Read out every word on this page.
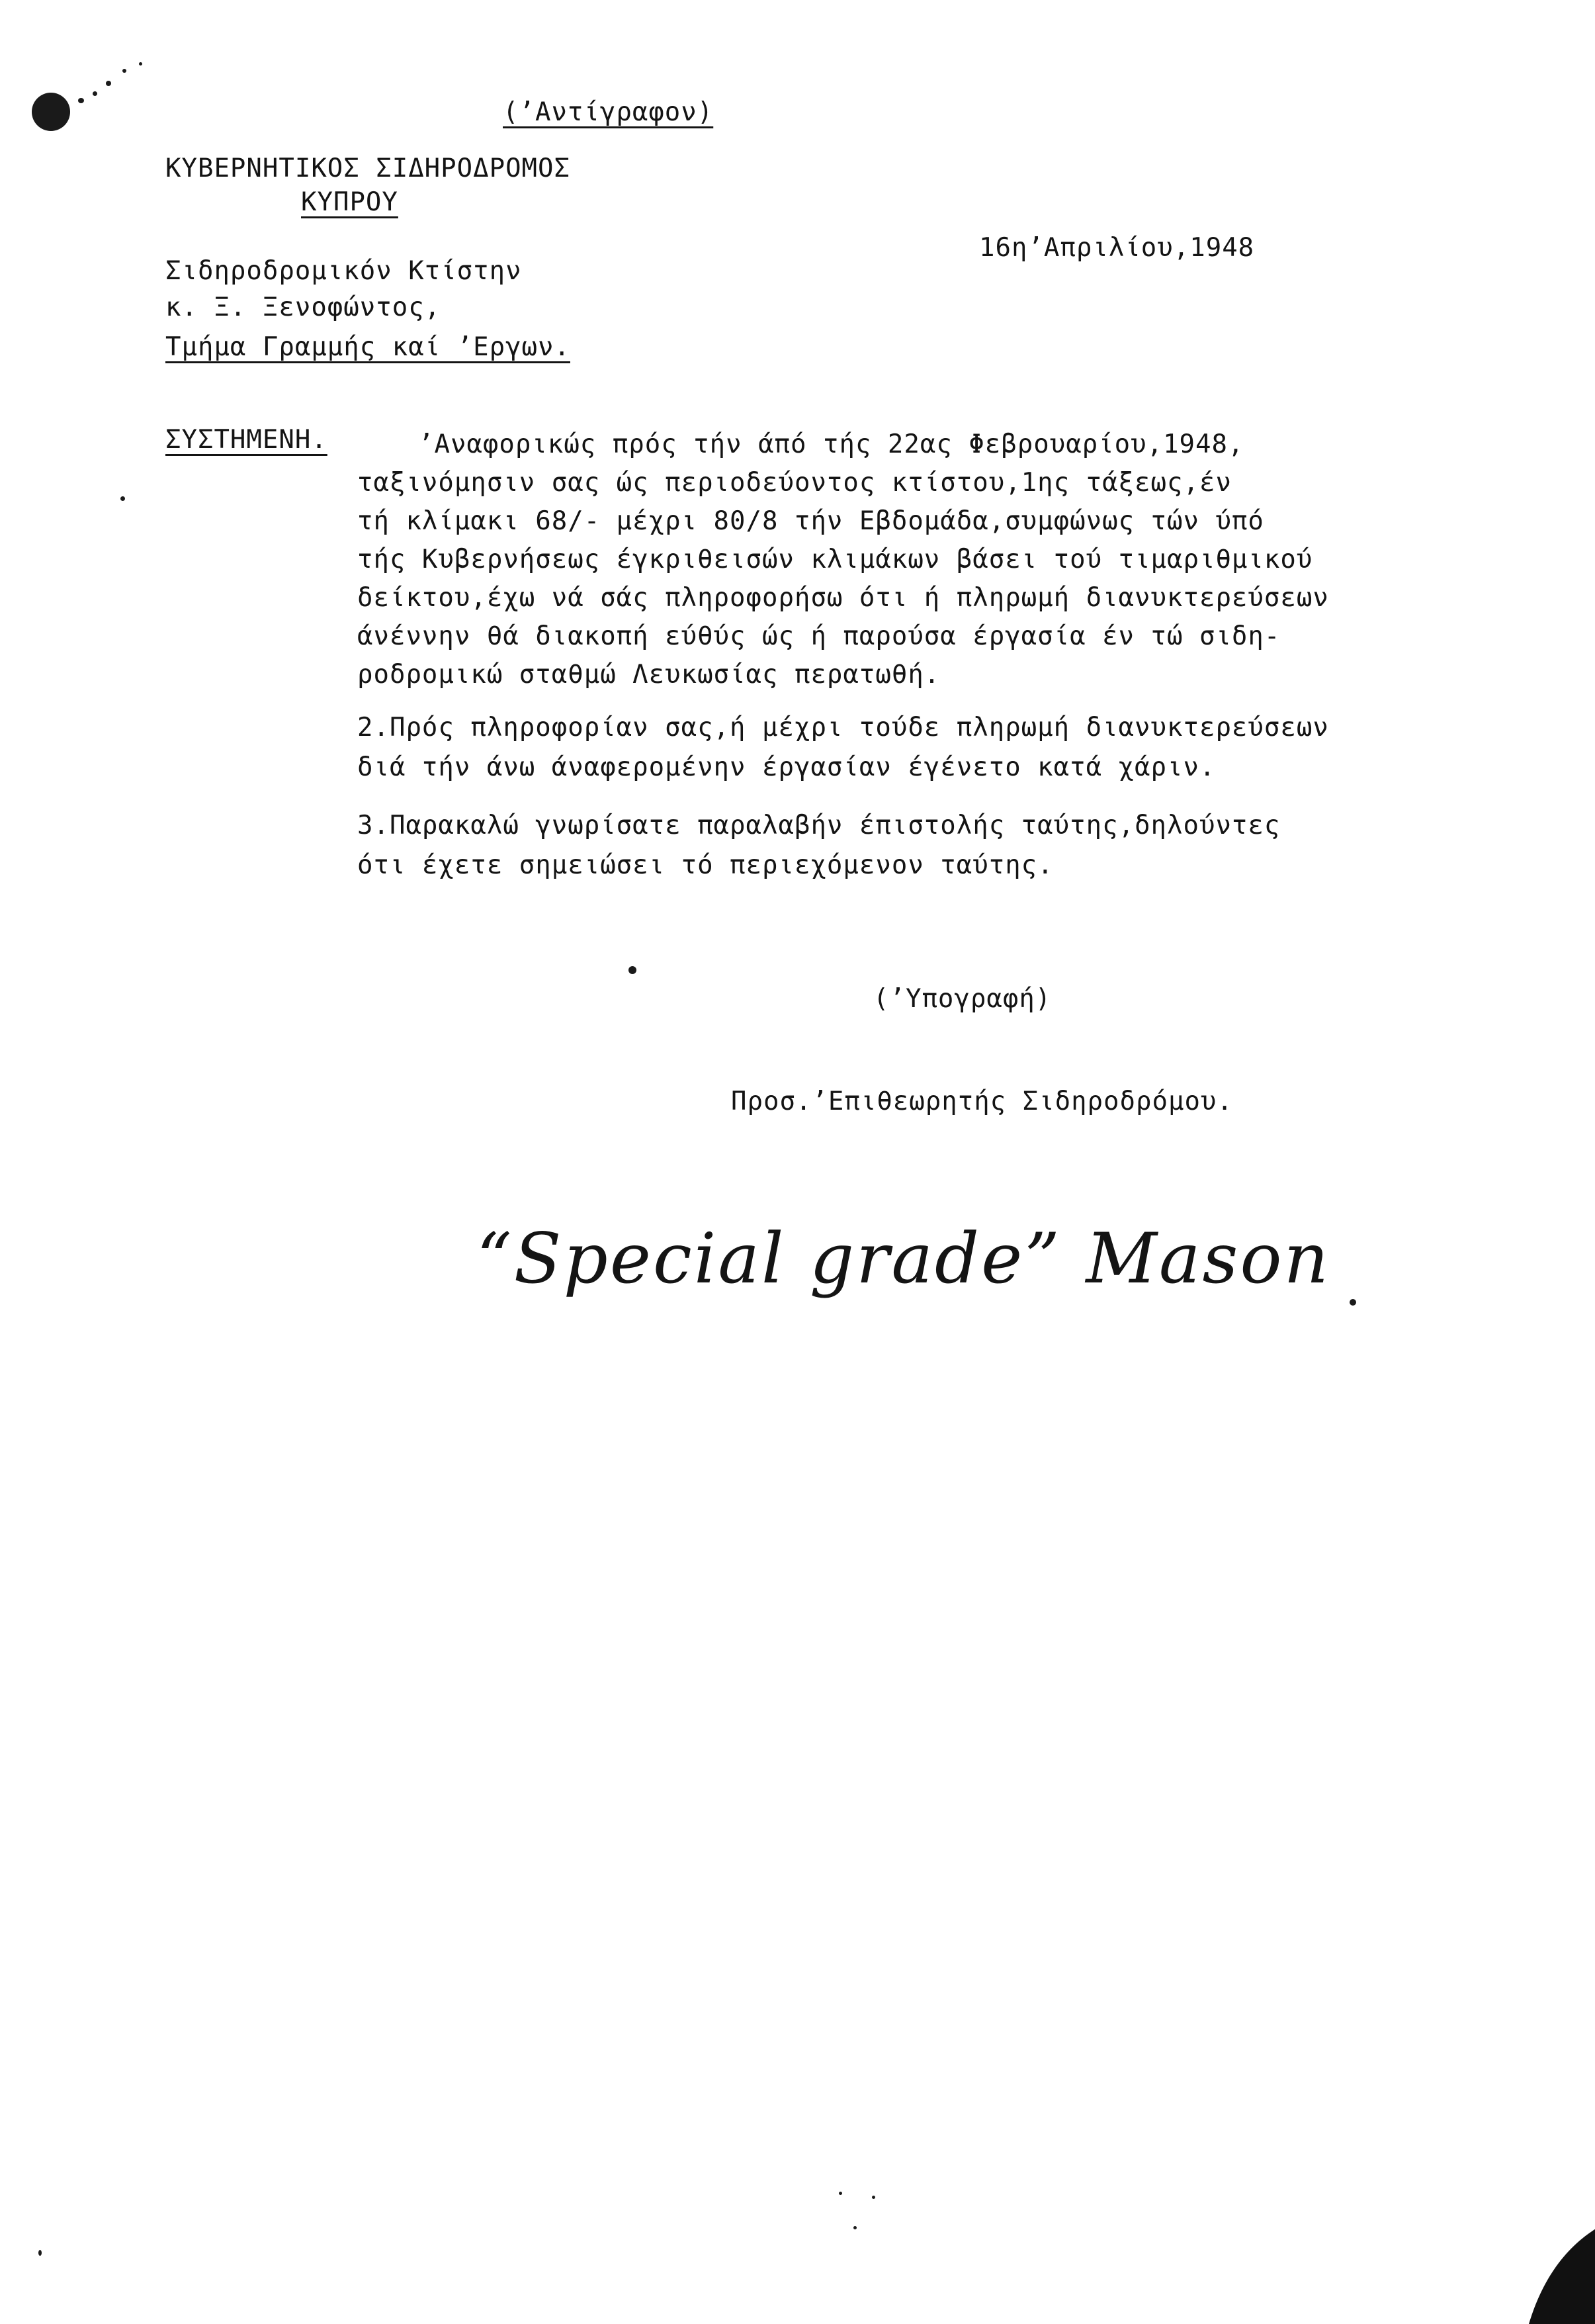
(’Αντίγραφον)
ΚΥΒΕΡΝΗΤΙΚΟΣ ΣΙΔΗΡΟΔΡΟΜΟΣ
ΚΥΠΡΟΥ
16η’Απριλίου,1948
Σιδηροδρομικόν Κτίστην
κ. Ξ. Ξενοφώντος,
Τμήμα Γραμμής καί ’Εργων.
ΣΥΣΤΗΜΕΝΗ.	’Αναφορικώς πρός τήν άπό τής 22ας Φεβρουαρίου,1948,
ταξινόμησιν σας ώς περιοδεύοντος κτίστου,1ης τάξεως,έν
τή κλίμακι 68/- μέχρι 80/8 τήν Εβδομάδα,συμφώνως τών ύπό
τής Κυβερνήσεως έγκριθεισών κλιμάκων βάσει τού τιμαριθμικού
δείκτου,έχω νά σάς πληροφορήσω ότι ή πληρωμή διανυκτερεύσεων
άνέννην θά διακοπή εύθύς ώς ή παρούσα έργασία έν τώ σιδη-
ροδρομικώ σταθμώ Λευκωσίας περατωθή.
2.Πρός πληροφορίαν σας,ή μέχρι τούδε πληρωμή διανυκτερεύσεων
διά τήν άνω άναφερομένην έργασίαν έγένετο κατά χάριν.
3.Παρακαλώ γνωρίσατε παραλαβήν έπιστολής ταύτης,δηλούντες
ότι έχετε σημειώσει τό περιεχόμενον ταύτης.
(’Υπογραφή)
Προσ.’Επιθεωρητής Σιδηροδρόμου.
“Special grade” Mason
